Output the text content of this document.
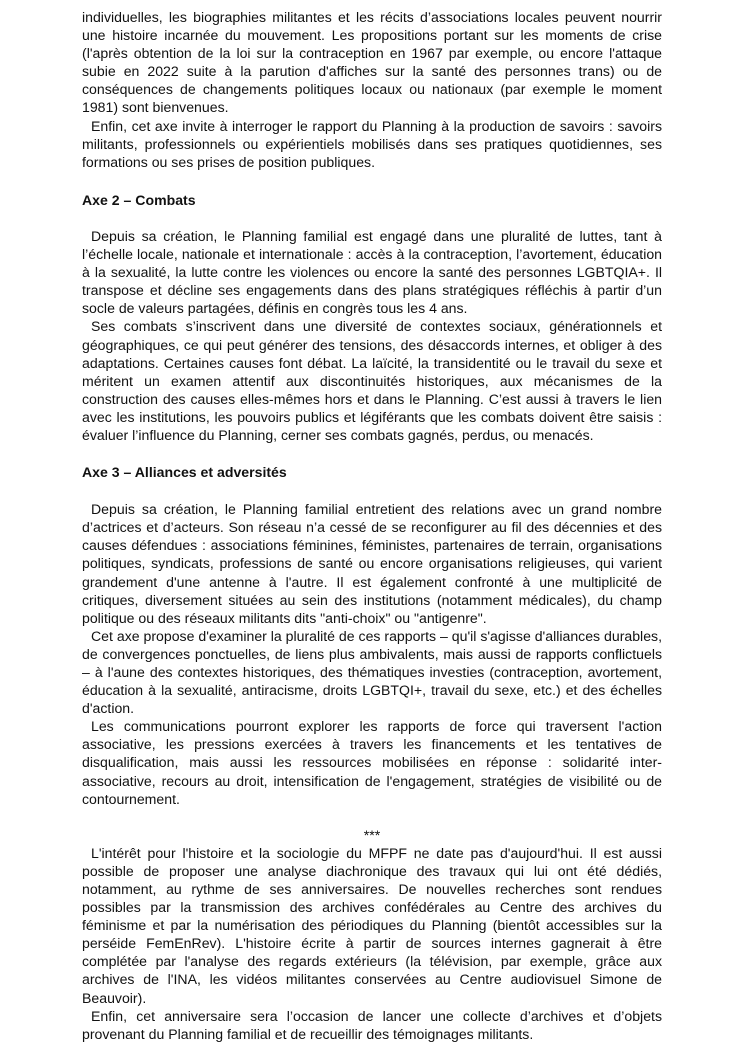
individuelles, les biographies militantes et les récits d’associations locales peuvent nourrir une histoire incarnée du mouvement. Les propositions portant sur les moments de crise (l'après obtention de la loi sur la contraception en 1967 par exemple, ou encore l'attaque subie en 2022 suite à la parution d'affiches sur la santé des personnes trans) ou de conséquences de changements politiques locaux ou nationaux (par exemple le moment 1981) sont bienvenues.

Enfin, cet axe invite à interroger le rapport du Planning à la production de savoirs : savoirs militants, professionnels ou expérientiels mobilisés dans ses pratiques quotidiennes, ses formations ou ses prises de position publiques.

Axe 2 – Combats

Depuis sa création, le Planning familial est engagé dans une pluralité de luttes, tant à l’échelle locale, nationale et internationale : accès à la contraception, l’avortement, éducation à la sexualité, la lutte contre les violences ou encore la santé des personnes LGBTQIA+. Il transpose et décline ses engagements dans des plans stratégiques réfléchis à partir d’un socle de valeurs partagées, définis en congrès tous les 4 ans.

Ses combats s’inscrivent dans une diversité de contextes sociaux, générationnels et géographiques, ce qui peut générer des tensions, des désaccords internes, et obliger à des adaptations. Certaines causes font débat. La laïcité, la transidentité ou le travail du sexe et méritent un examen attentif aux discontinuités historiques, aux mécanismes de la construction des causes elles-mêmes hors et dans le Planning. C’est aussi à travers le lien avec les institutions, les pouvoirs publics et légiférants que les combats doivent être saisis : évaluer l’influence du Planning, cerner ses combats gagnés, perdus, ou menacés.

Axe 3 – Alliances et adversités

Depuis sa création, le Planning familial entretient des relations avec un grand nombre d’actrices et d’acteurs. Son réseau n’a cessé de se reconfigurer au fil des décennies et des causes défendues : associations féminines, féministes, partenaires de terrain, organisations politiques, syndicats, professions de santé ou encore organisations religieuses, qui varient grandement d'une antenne à l'autre. Il est également confronté à une multiplicité de critiques, diversement situées au sein des institutions (notamment médicales), du champ politique ou des réseaux militants dits "anti-choix" ou "antigenre".

Cet axe propose d'examiner la pluralité de ces rapports – qu'il s'agisse d'alliances durables, de convergences ponctuelles, de liens plus ambivalents, mais aussi de rapports conflictuels – à l'aune des contextes historiques, des thématiques investies (contraception, avortement, éducation à la sexualité, antiracisme, droits LGBTQI+, travail du sexe, etc.) et des échelles d'action.

Les communications pourront explorer les rapports de force qui traversent l'action associative, les pressions exercées à travers les financements et les tentatives de disqualification, mais aussi les ressources mobilisées en réponse : solidarité inter-associative, recours au droit, intensification de l'engagement, stratégies de visibilité ou de contournement.

***

L'intérêt pour l'histoire et la sociologie du MFPF ne date pas d'aujourd'hui. Il est aussi possible de proposer une analyse diachronique des travaux qui lui ont été dédiés, notamment, au rythme de ses anniversaires. De nouvelles recherches sont rendues possibles par la transmission des archives confédérales au Centre des archives du féminisme et par la numérisation des périodiques du Planning (bientôt accessibles sur la perséide FemEnRev). L'histoire écrite à partir de sources internes gagnerait à être complétée par l'analyse des regards extérieurs (la télévision, par exemple, grâce aux archives de l'INA, les vidéos militantes conservées au Centre audiovisuel Simone de Beauvoir).

Enfin, cet anniversaire sera l’occasion de lancer une collecte d’archives et d’objets provenant du Planning familial et de recueillir des témoignages militants.
